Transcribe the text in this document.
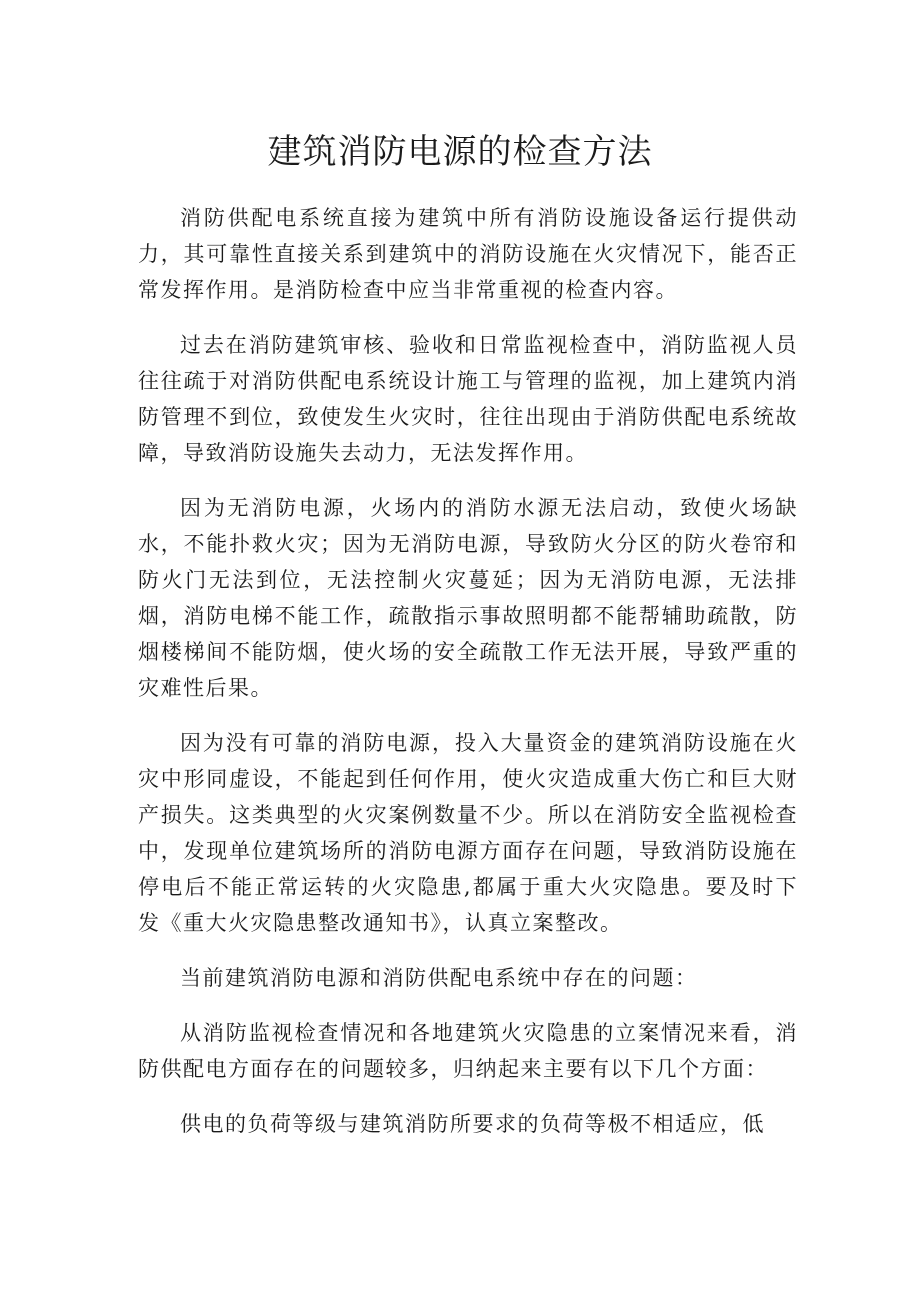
建筑消防电源的检查方法

消防供配电系统直接为建筑中所有消防设施设备运行提供动力，其可靠性直接关系到建筑中的消防设施在火灾情况下，能否正常发挥作用。是消防检查中应当非常重视的检查内容。

过去在消防建筑审核、验收和日常监视检查中，消防监视人员往往疏于对消防供配电系统设计施工与管理的监视，加上建筑内消防管理不到位，致使发生火灾时，往往出现由于消防供配电系统故障，导致消防设施失去动力，无法发挥作用。

因为无消防电源，火场内的消防水源无法启动，致使火场缺水，不能扑救火灾；因为无消防电源，导致防火分区的防火卷帘和防火门无法到位，无法控制火灾蔓延；因为无消防电源，无法排烟，消防电梯不能工作，疏散指示事故照明都不能帮辅助疏散，防烟楼梯间不能防烟，使火场的安全疏散工作无法开展，导致严重的灾难性后果。

因为没有可靠的消防电源，投入大量资金的建筑消防设施在火灾中形同虚设，不能起到任何作用，使火灾造成重大伤亡和巨大财产损失。这类典型的火灾案例数量不少。所以在消防安全监视检查中，发现单位建筑场所的消防电源方面存在问题，导致消防设施在停电后不能正常运转的火灾隐患,都属于重大火灾隐患。要及时下发《重大火灾隐患整改通知书》，认真立案整改。

当前建筑消防电源和消防供配电系统中存在的问题：

从消防监视检查情况和各地建筑火灾隐患的立案情况来看，消防供配电方面存在的问题较多，归纳起来主要有以下几个方面：

供电的负荷等级与建筑消防所要求的负荷等极不相适应，低
